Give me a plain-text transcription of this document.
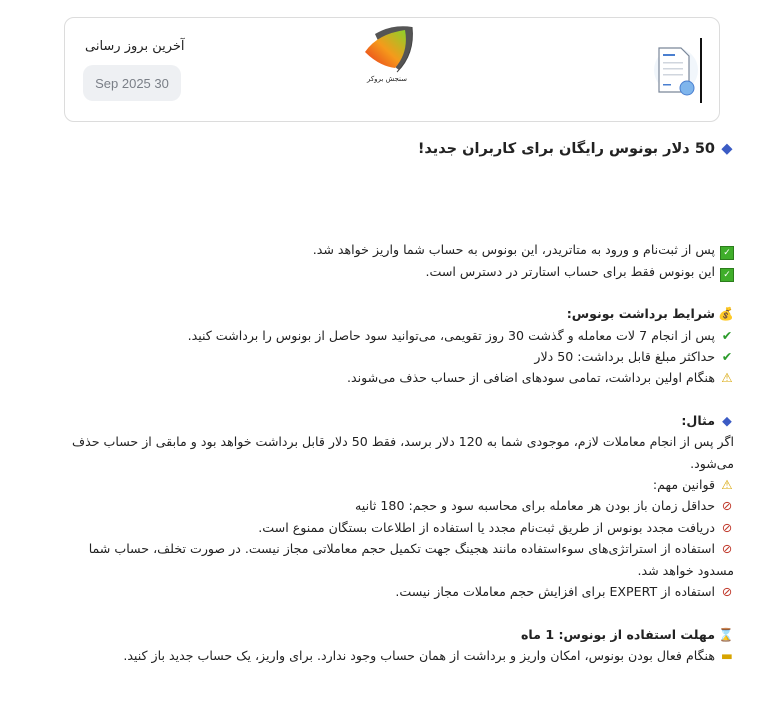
آخرین بروز رسانی
Sep 2025 30	سنجش بروکر
◆50 دلار بونوس رایگان برای کاربران جدید!
✓پس از ثبت‌نام و ورود به متاتریدر، این بونوس به حساب شما واریز خواهد شد.
✓این بونوس فقط برای حساب استارتر در دسترس است.
💰شرایط برداشت بونوس:
✔پس از انجام 7 لات معامله و گذشت 30 روز تقویمی، می‌توانید سود حاصل از بونوس را برداشت کنید.
✔حداکثر مبلغ قابل برداشت: 50 دلار
⚠هنگام اولین برداشت، تمامی سودهای اضافی از حساب حذف می‌شوند.
◆مثال:
اگر پس از انجام معاملات لازم، موجودی شما به 120 دلار برسد، فقط 50 دلار قابل برداشت خواهد بود و مابقی از حساب حذف می‌شود.
⚠قوانین مهم:
⊘حداقل زمان باز بودن هر معامله برای محاسبه سود و حجم: 180 ثانیه
⊘دریافت مجدد بونوس از طریق ثبت‌نام مجدد یا استفاده از اطلاعات بستگان ممنوع است.
⊘استفاده از استراتژی‌های سوءاستفاده مانند هجینگ جهت تکمیل حجم معاملاتی مجاز نیست. در صورت تخلف، حساب شما مسدود خواهد شد.
⊘استفاده از EXPERT برای افزایش حجم معاملات مجاز نیست.
⌛مهلت استفاده از بونوس: 1 ماه
▬هنگام فعال بودن بونوس، امکان واریز و برداشت از همان حساب وجود ندارد. برای واریز، یک حساب جدید باز کنید.
